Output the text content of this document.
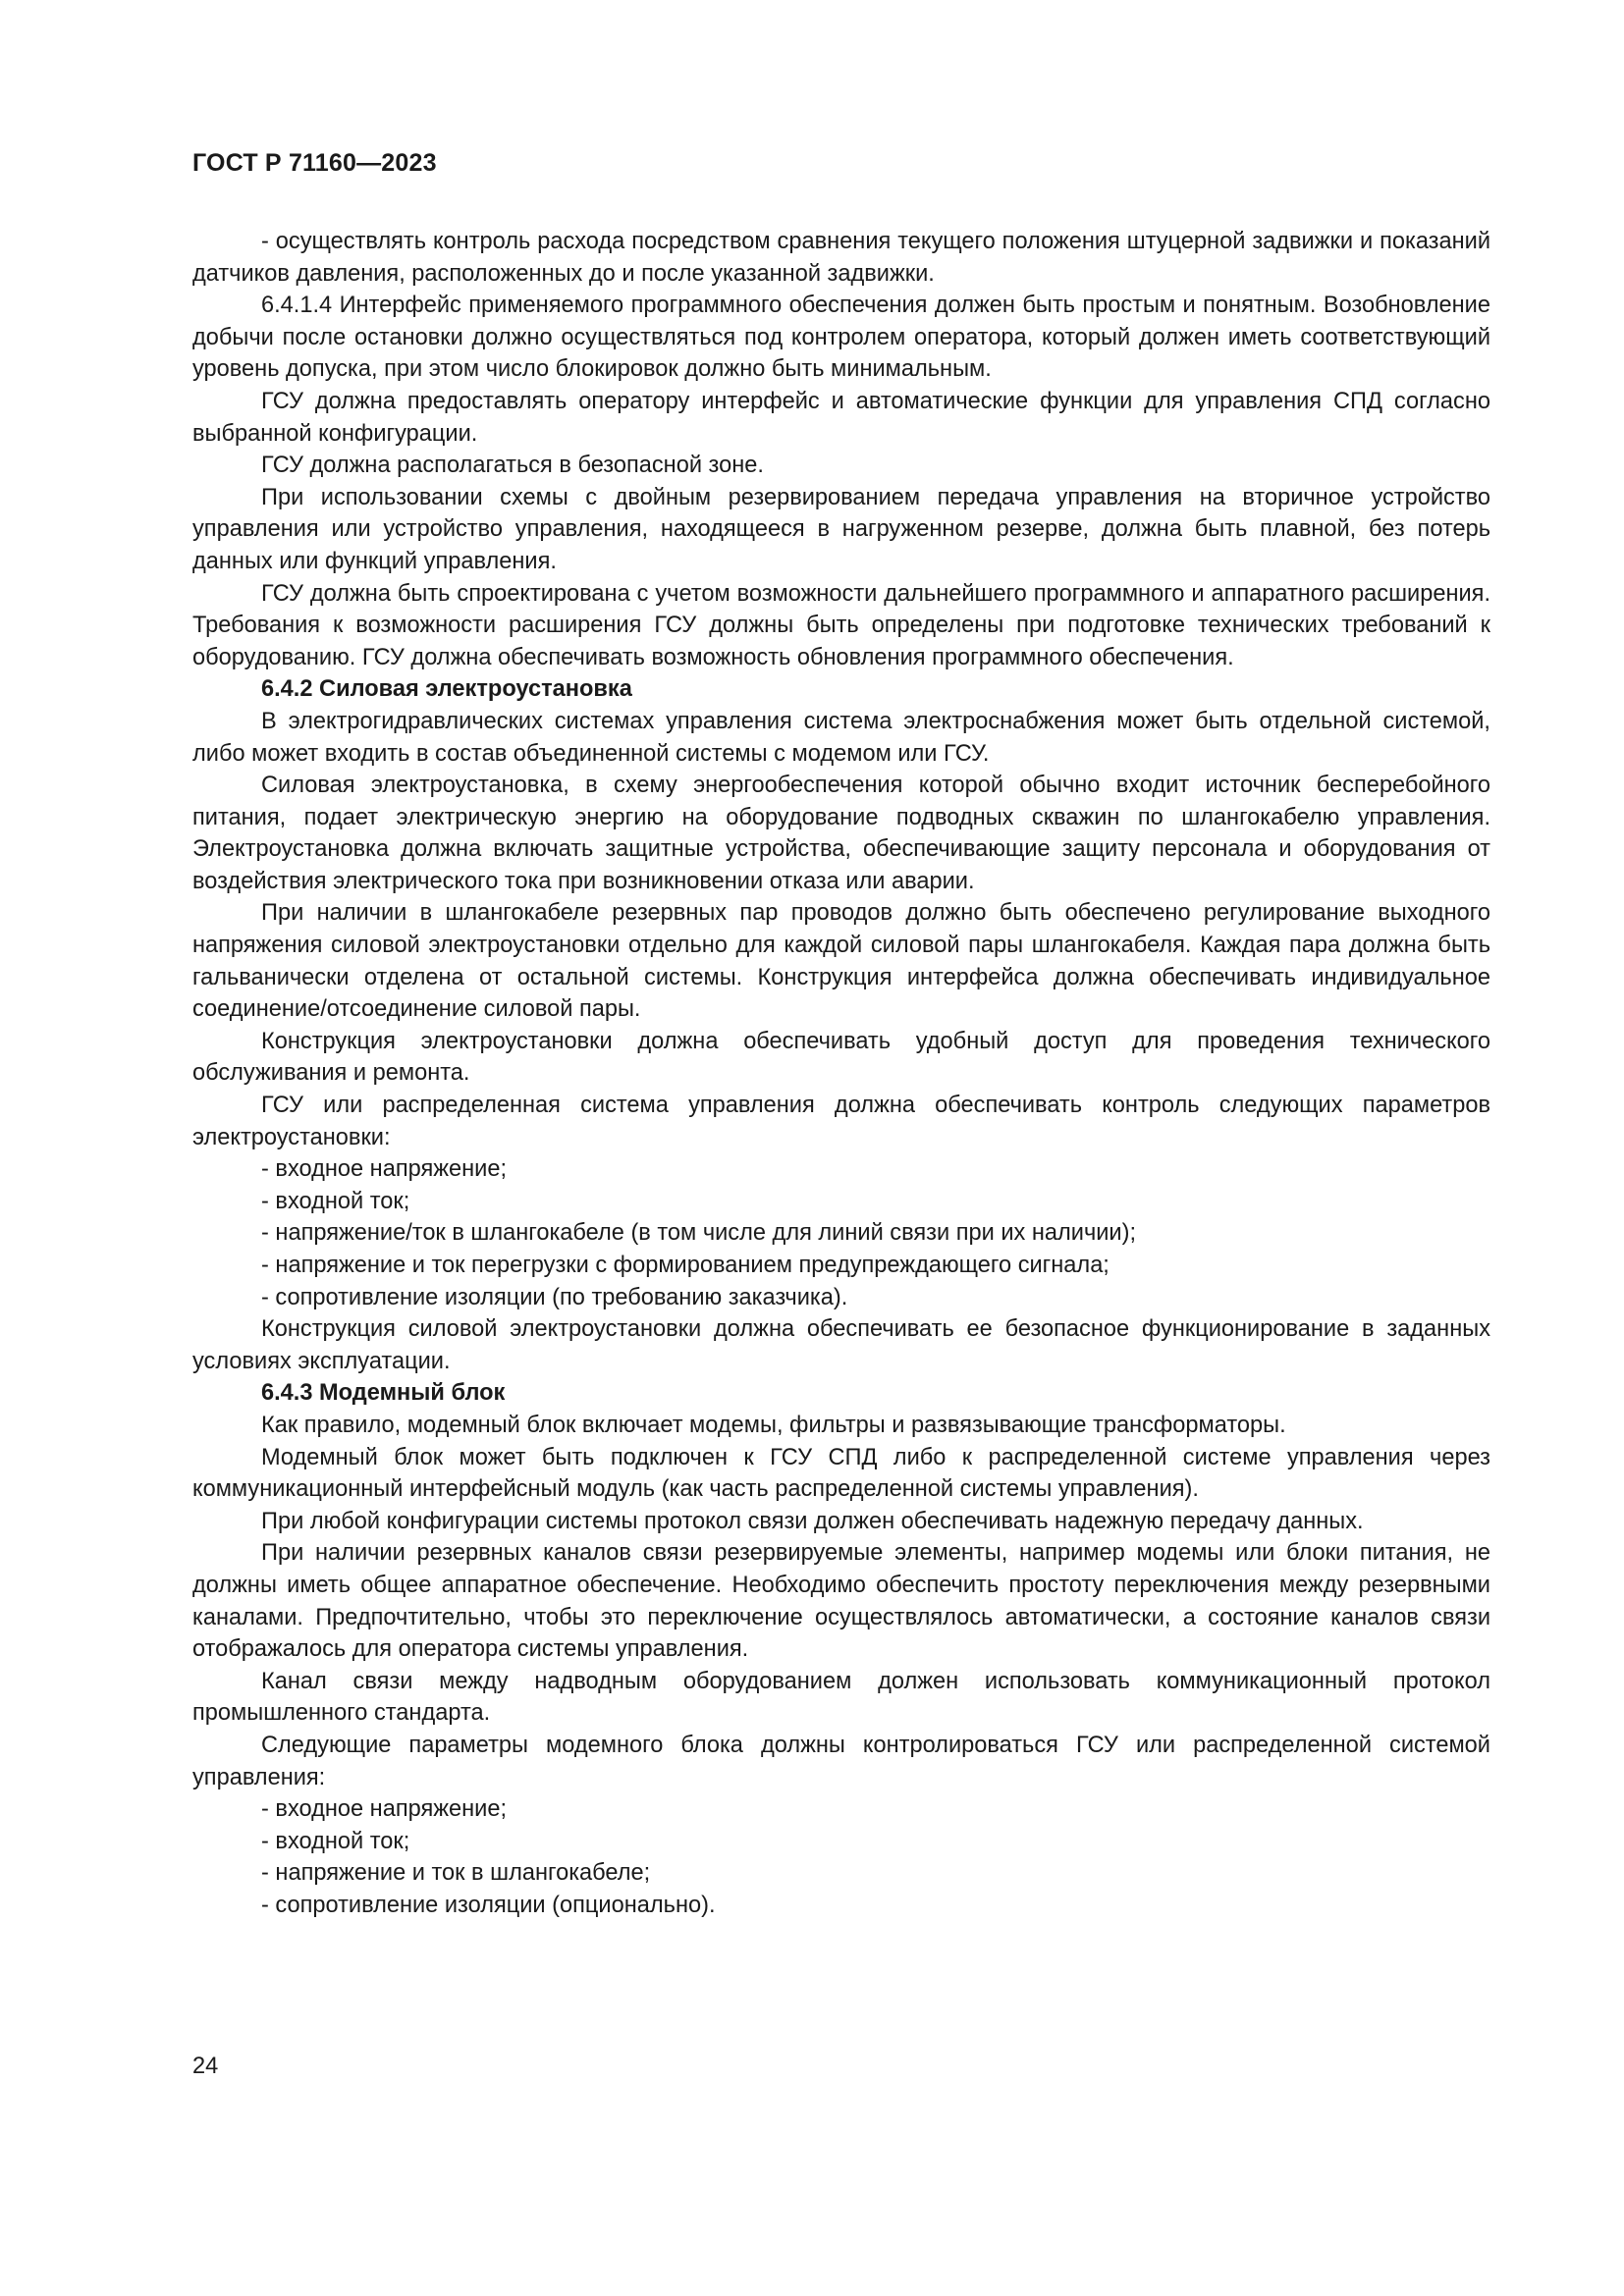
ГОСТ Р 71160—2023

- осуществлять контроль расхода посредством сравнения текущего положения штуцерной задвижки и показаний датчиков давления, расположенных до и после указанной задвижки.

6.4.1.4 Интерфейс применяемого программного обеспечения должен быть простым и понятным. Возобновление добычи после остановки должно осуществляться под контролем оператора, который должен иметь соответствующий уровень допуска, при этом число блокировок должно быть минимальным.

ГСУ должна предоставлять оператору интерфейс и автоматические функции для управления СПД согласно выбранной конфигурации.

ГСУ должна располагаться в безопасной зоне.

При использовании схемы с двойным резервированием передача управления на вторичное устройство управления или устройство управления, находящееся в нагруженном резерве, должна быть плавной, без потерь данных или функций управления.

ГСУ должна быть спроектирована с учетом возможности дальнейшего программного и аппаратного расширения. Требования к возможности расширения ГСУ должны быть определены при подготовке технических требований к оборудованию. ГСУ должна обеспечивать возможность обновления программного обеспечения.

6.4.2 Силовая электроустановка

В электрогидравлических системах управления система электроснабжения может быть отдельной системой, либо может входить в состав объединенной системы с модемом или ГСУ.

Силовая электроустановка, в схему энергообеспечения которой обычно входит источник бесперебойного питания, подает электрическую энергию на оборудование подводных скважин по шлангокабелю управления. Электроустановка должна включать защитные устройства, обеспечивающие защиту персонала и оборудования от воздействия электрического тока при возникновении отказа или аварии.

При наличии в шлангокабеле резервных пар проводов должно быть обеспечено регулирование выходного напряжения силовой электроустановки отдельно для каждой силовой пары шлангокабеля. Каждая пара должна быть гальванически отделена от остальной системы. Конструкция интерфейса должна обеспечивать индивидуальное соединение/отсоединение силовой пары.

Конструкция электроустановки должна обеспечивать удобный доступ для проведения технического обслуживания и ремонта.

ГСУ или распределенная система управления должна обеспечивать контроль следующих параметров электроустановки:

- входное напряжение;
- входной ток;
- напряжение/ток в шлангокабеле (в том числе для линий связи при их наличии);
- напряжение и ток перегрузки с формированием предупреждающего сигнала;
- сопротивление изоляции (по требованию заказчика).

Конструкция силовой электроустановки должна обеспечивать ее безопасное функционирование в заданных условиях эксплуатации.

6.4.3 Модемный блок

Как правило, модемный блок включает модемы, фильтры и развязывающие трансформаторы.

Модемный блок может быть подключен к ГСУ СПД либо к распределенной системе управления через коммуникационный интерфейсный модуль (как часть распределенной системы управления).

При любой конфигурации системы протокол связи должен обеспечивать надежную передачу данных.

При наличии резервных каналов связи резервируемые элементы, например модемы или блоки питания, не должны иметь общее аппаратное обеспечение. Необходимо обеспечить простоту переключения между резервными каналами. Предпочтительно, чтобы это переключение осуществлялось автоматически, а состояние каналов связи отображалось для оператора системы управления.

Канал связи между надводным оборудованием должен использовать коммуникационный протокол промышленного стандарта.

Следующие параметры модемного блока должны контролироваться ГСУ или распределенной системой управления:

- входное напряжение;
- входной ток;
- напряжение и ток в шлангокабеле;
- сопротивление изоляции (опционально).
24
